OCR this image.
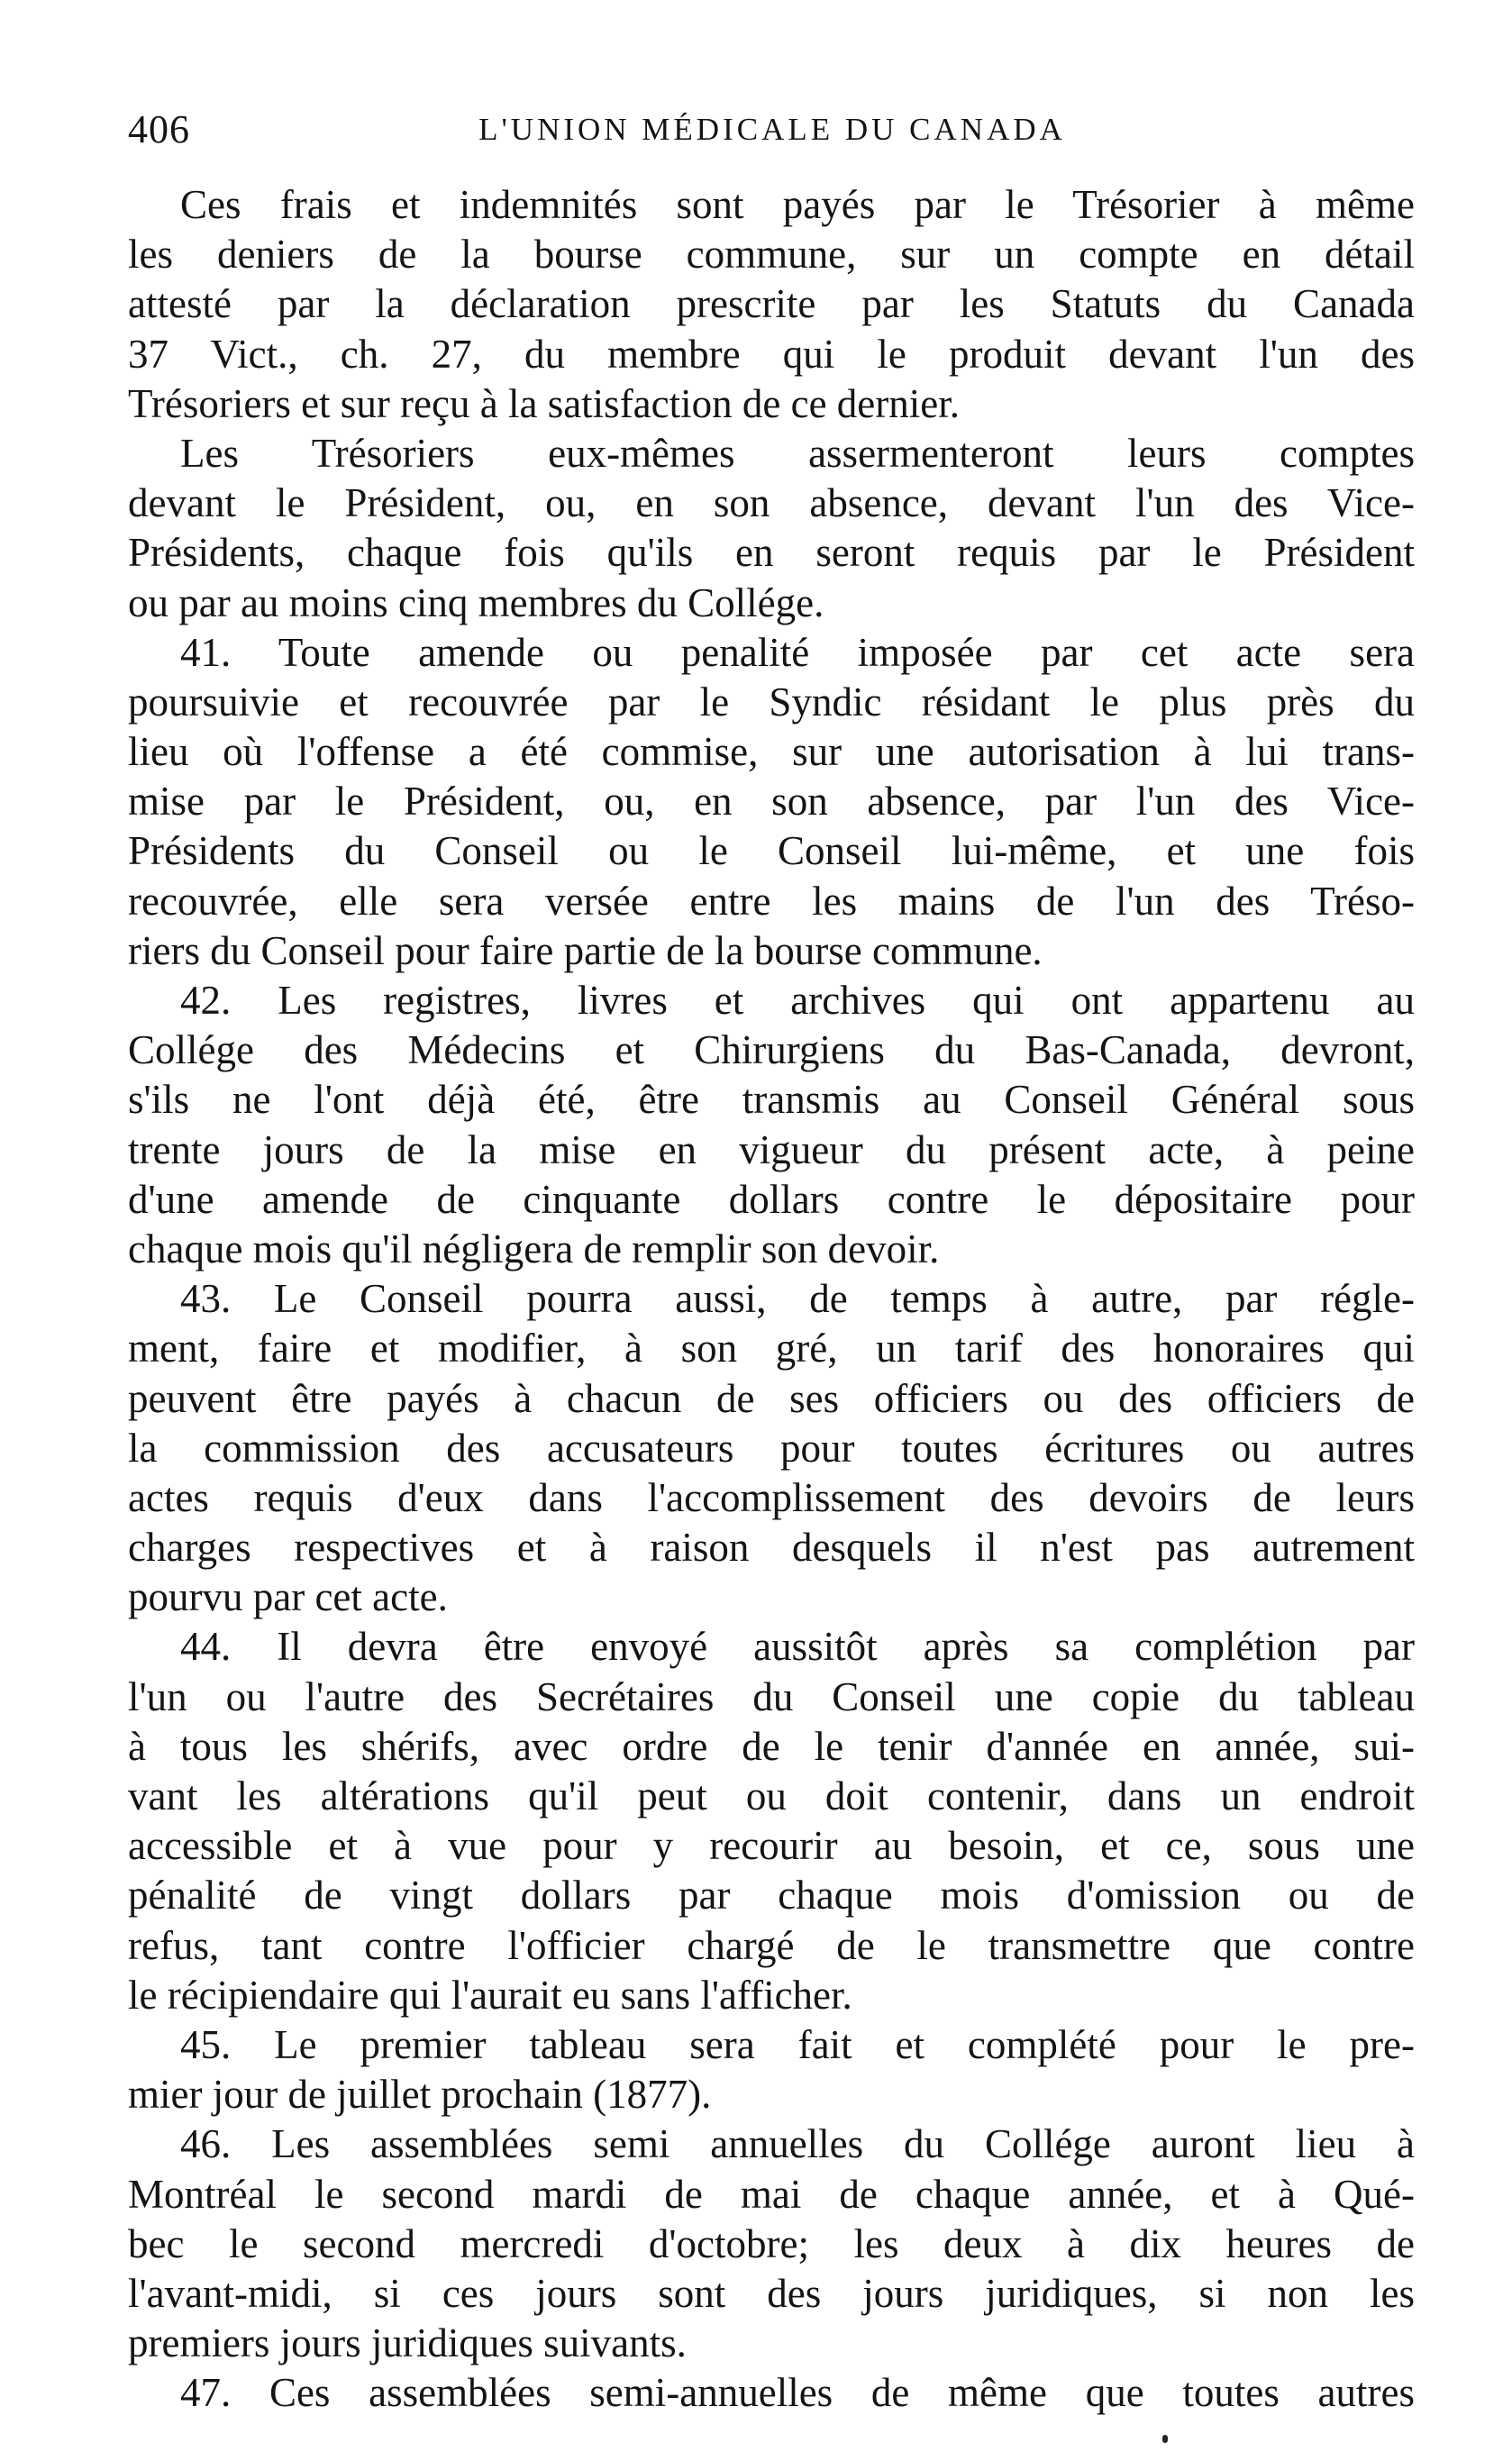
406	L'UNION MÉDICALE DU CANADA
Ces frais et indemnités sont payés par le Trésorier à même
les deniers de la bourse commune, sur un compte en détail
attesté par la déclaration prescrite par les Statuts du Canada
37 Vict., ch. 27, du membre qui le produit devant l'un des
Trésoriers et sur reçu à la satisfaction de ce dernier.
Les Trésoriers eux-mêmes assermenteront leurs comptes
devant le Président, ou, en son absence, devant l'un des Vice-
Présidents, chaque fois qu'ils en seront requis par le Président
ou par au moins cinq membres du Collége.
41. Toute amende ou penalité imposée par cet acte sera
poursuivie et recouvrée par le Syndic résidant le plus près du
lieu où l'offense a été commise, sur une autorisation à lui trans-
mise par le Président, ou, en son absence, par l'un des Vice-
Présidents du Conseil ou le Conseil lui-même, et une fois
recouvrée, elle sera versée entre les mains de l'un des Tréso-
riers du Conseil pour faire partie de la bourse commune.
42. Les registres, livres et archives qui ont appartenu au
Collége des Médecins et Chirurgiens du Bas-Canada, devront,
s'ils ne l'ont déjà été, être transmis au Conseil Général sous
trente jours de la mise en vigueur du présent acte, à peine
d'une amende de cinquante dollars contre le dépositaire pour
chaque mois qu'il négligera de remplir son devoir.
43. Le Conseil pourra aussi, de temps à autre, par régle-
ment, faire et modifier, à son gré, un tarif des honoraires qui
peuvent être payés à chacun de ses officiers ou des officiers de
la commission des accusateurs pour toutes écritures ou autres
actes requis d'eux dans l'accomplissement des devoirs de leurs
charges respectives et à raison desquels il n'est pas autrement
pourvu par cet acte.
44. Il devra être envoyé aussitôt après sa complétion par
l'un ou l'autre des Secrétaires du Conseil une copie du tableau
à tous les shérifs, avec ordre de le tenir d'année en année, sui-
vant les altérations qu'il peut ou doit contenir, dans un endroit
accessible et à vue pour y recourir au besoin, et ce, sous une
pénalité de vingt dollars par chaque mois d'omission ou de
refus, tant contre l'officier chargé de le transmettre que contre
le récipiendaire qui l'aurait eu sans l'afficher.
45. Le premier tableau sera fait et complété pour le pre-
mier jour de juillet prochain (1877).
46. Les assemblées semi annuelles du Collége auront lieu à
Montréal le second mardi de mai de chaque année, et à Qué-
bec le second mercredi d'octobre; les deux à dix heures de
l'avant-midi, si ces jours sont des jours juridiques, si non les
premiers jours juridiques suivants.
47. Ces assemblées semi-annuelles de même que toutes autres
